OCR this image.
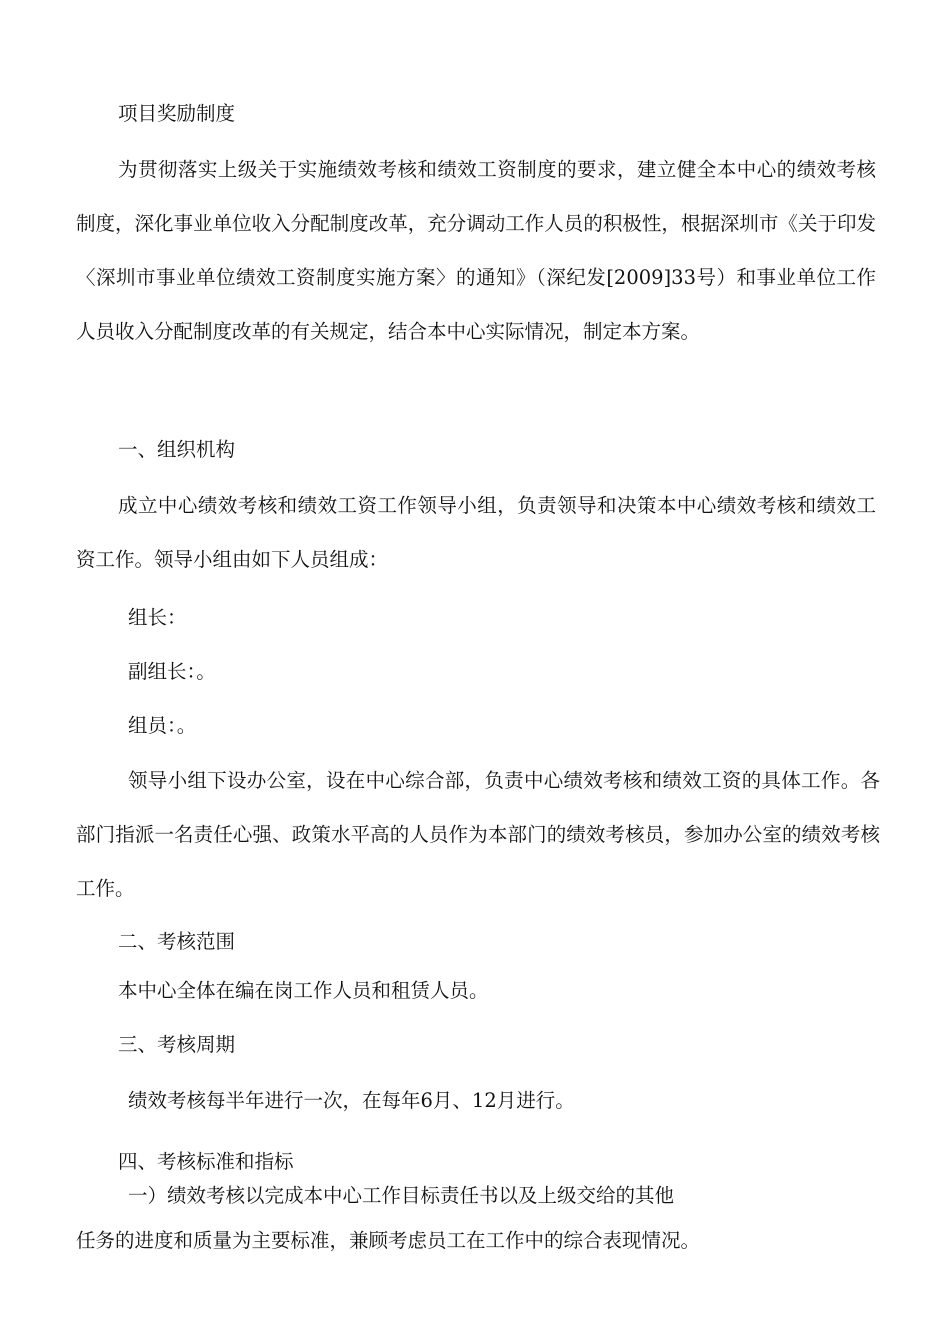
项目奖励制度

为贯彻落实上级关于实施绩效考核和绩效工资制度的要求，建立健全本中心的绩效考核制度，深化事业单位收入分配制度改革，充分调动工作人员的积极性，根据深圳市《关于印发〈深圳市事业单位绩效工资制度实施方案〉的通知》（深纪发[2009]33号）和事业单位工作人员收入分配制度改革的有关规定，结合本中心实际情况，制定本方案。

一、组织机构

成立中心绩效考核和绩效工资工作领导小组，负责领导和决策本中心绩效考核和绩效工资工作。领导小组由如下人员组成：

组长：

副组长：。

组员：。

领导小组下设办公室，设在中心综合部，负责中心绩效考核和绩效工资的具体工作。各部门指派一名责任心强、政策水平高的人员作为本部门的绩效考核员，参加办公室的绩效考核工作。

二、考核范围

本中心全体在编在岗工作人员和租赁人员。

三、考核周期

绩效考核每半年进行一次，在每年6月、12月进行。

四、考核标准和指标

一）绩效考核以完成本中心工作目标责任书以及上级交给的其他

任务的进度和质量为主要标准，兼顾考虑员工在工作中的综合表现情况。
